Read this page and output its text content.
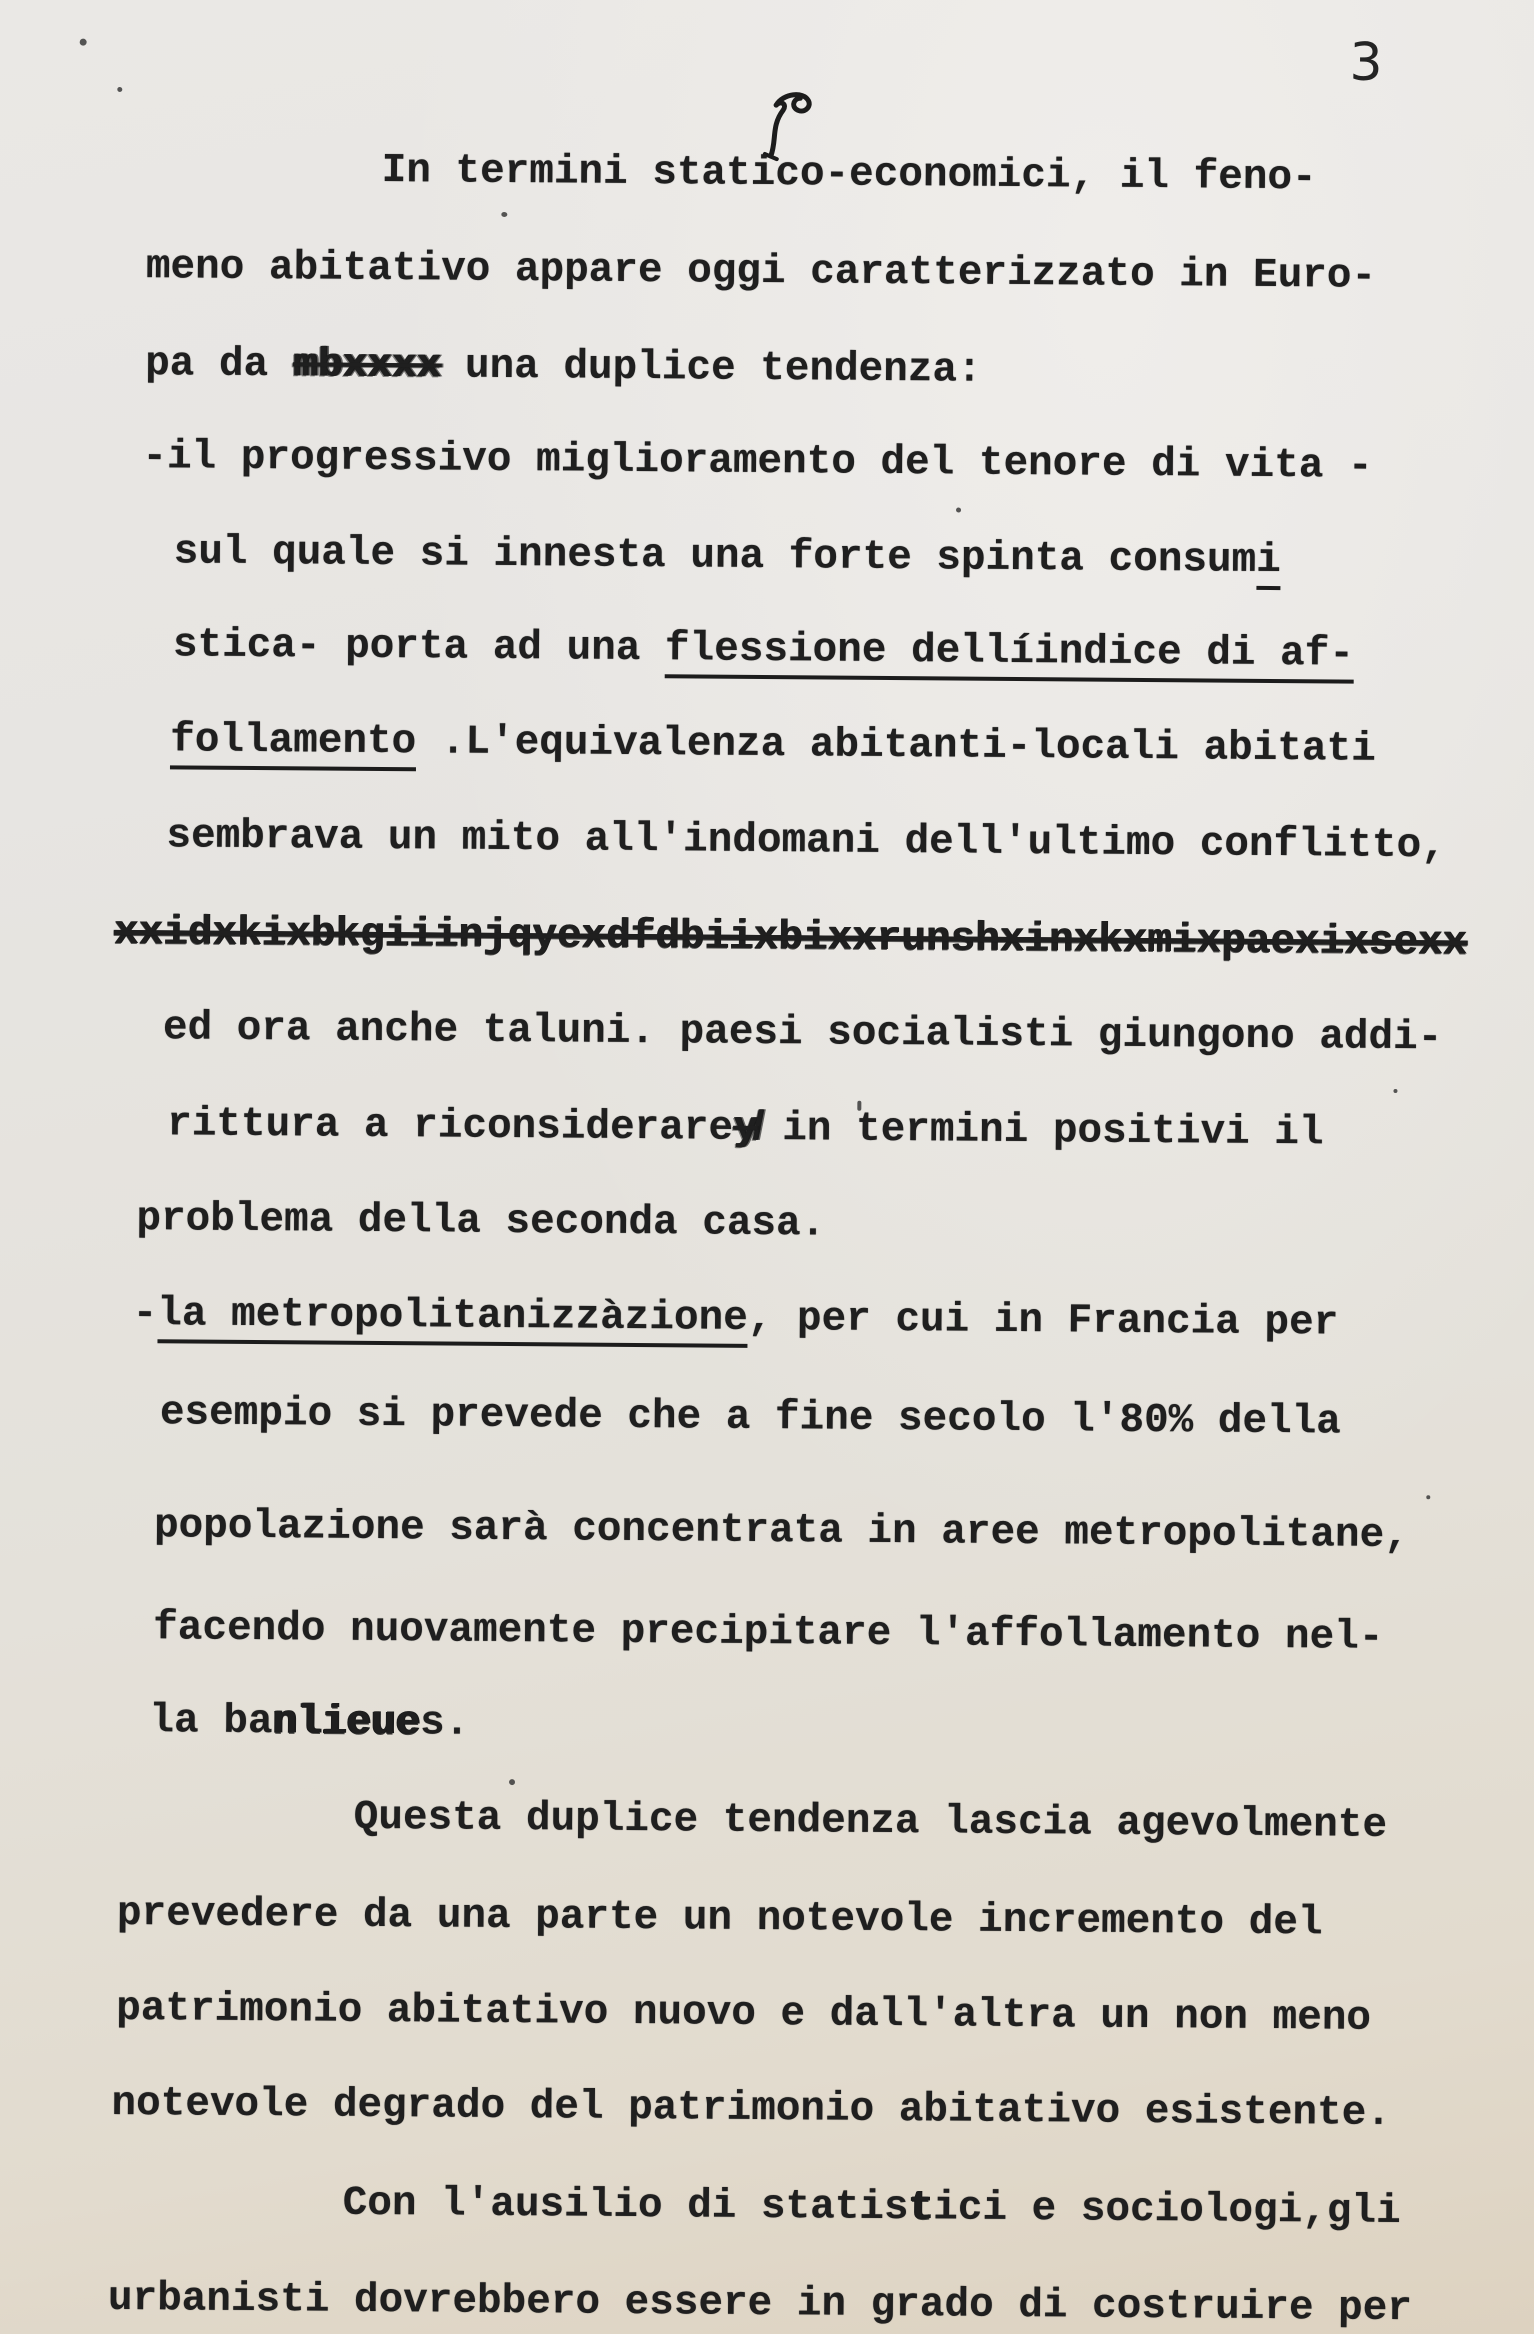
3
In termini statico-economici, il feno-
meno abitativo appare oggi caratterizzato in Euro-
pa da mbxxxx una duplice tendenza:
-il progressivo miglioramento del tenore di vita -
sul quale si innesta una forte spinta consumi
stica- porta ad una flessione dellíindice di af-
follamento .L'equivalenza abitanti-locali abitati
sembrava un mito all'indomani dell'ultimo conflitto,
xxidxkixbkgiiinjqyexdfdbiixbixxrunshxinxkxmixpaexixsexx
ed ora anche taluni. paesi socialisti giungono addi-
rittura a riconsiderarey̸ in termini positivi il
problema della seconda casa.
-la metropolitanizzàzione, per cui in Francia per
esempio si prevede che a fine secolo l'80% della
popolazione sarà concentrata in aree metropolitane,
facendo nuovamente precipitare l'affollamento nel-
la banlieues.
Questa duplice tendenza lascia agevolmente
prevedere da una parte un notevole incremento del
patrimonio abitativo nuovo e dall'altra un non meno
notevole degrado del patrimonio abitativo esistente.
Con l'ausilio di statistici e sociologi,gli
urbanisti dovrebbero essere in grado di costruire per
